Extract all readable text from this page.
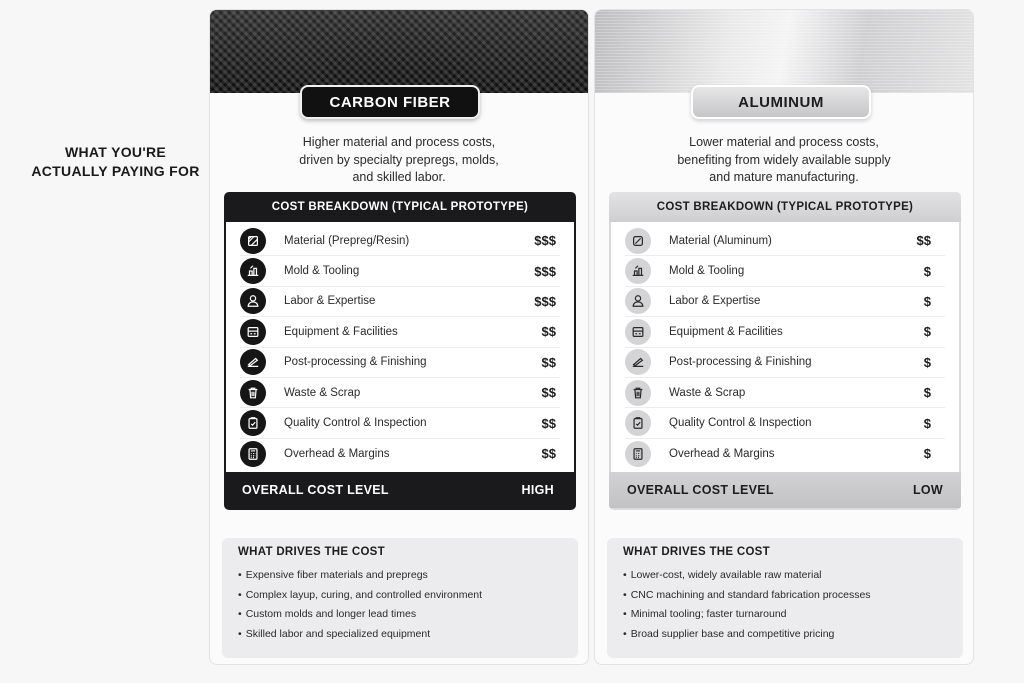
WHAT YOU'RE
ACTUALLY PAYING FOR
CARBON FIBER
Higher material and process costs,
driven by specialty prepregs, molds,
and skilled labor.
COST BREAKDOWN (TYPICAL PROTOTYPE)
Material (Prepreg/Resin)	$$$
Mold & Tooling	$$$
Labor & Expertise	$$$
Equipment & Facilities	$$
Post-processing & Finishing	$$
Waste & Scrap	$$
Quality Control & Inspection	$$
Overhead & Margins	$$
OVERALL COST LEVEL	HIGH
WHAT DRIVES THE COST
• Expensive fiber materials and prepregs
• Complex layup, curing, and controlled environment
• Custom molds and longer lead times
• Skilled labor and specialized equipment
ALUMINUM
Lower material and process costs,
benefiting from widely available supply
and mature manufacturing.
COST BREAKDOWN (TYPICAL PROTOTYPE)
Material (Aluminum)	$$
Mold & Tooling	$
Labor & Expertise	$
Equipment & Facilities	$
Post-processing & Finishing	$
Waste & Scrap	$
Quality Control & Inspection	$
Overhead & Margins	$
OVERALL COST LEVEL	LOW
WHAT DRIVES THE COST
• Lower-cost, widely available raw material
• CNC machining and standard fabrication processes
• Minimal tooling; faster turnaround
• Broad supplier base and competitive pricing
